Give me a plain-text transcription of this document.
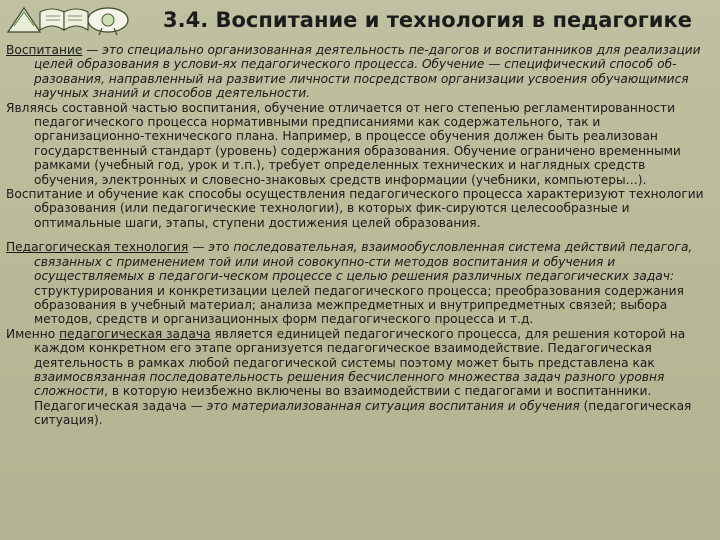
3.4. Воспитание и технология в педагогике

Воспитание — это специально организованная деятельность пе-дагогов и воспитанников для реализации целей образования в услови-ях педагогического процесса. Обучение — специфический способ об-разования, направленный на развитие личности посредством организации усвоения обучающимися научных знаний и способов деятельности.

Являясь составной частью воспитания, обучение отличается от него степенью регламентированности педагогического процесса нормативными предписаниями как содержательного, так и организационно-технического плана. Например, в процессе обучения должен быть реализован государственный стандарт (уровень) содержания образования. Обучение ограничено временными рамками (учебный год, урок и т.п.), требует определенных технических и наглядных средств обучения, электронных и словесно-знаковых средств информации (учебники, компьютеры…).

Воспитание и обучение как способы осуществления педагогического процесса характеризуют технологии образования (или педагогические технологии), в которых фик-сируются целесообразные и оптимальные шаги, этапы, ступени достижения целей образования.

Педагогическая технология — это последовательная, взаимообусловленная система действий педагога, связанных с применением той или иной совокупно-сти методов воспитания и обучения и осуществляемых в педагоги-ческом процессе с целью решения различных педагогических задач: структурирования и конкретизации целей педагогического процесса; преобразования содержания образования в учебный материал; анализа межпредметных и внутрипредметных связей; выбора методов, средств и организационных форм педагогического процесса и т.д.

Именно педагогическая задача является единицей педагогического процесса, для решения которой на каждом конкретном его этапе организуется педагогическое взаимодействие. Педагогическая деятельность в рамках любой педагогической системы поэтому может быть представлена как взаимосвязанная последовательность решения бесчисленного множества задач разного уровня сложности, в которую неизбежно включены во взаимодействии с педагогами и воспитанники. Педагогическая задача — это материализованная ситуация воспитания и обучения (педагогическая ситуация).
